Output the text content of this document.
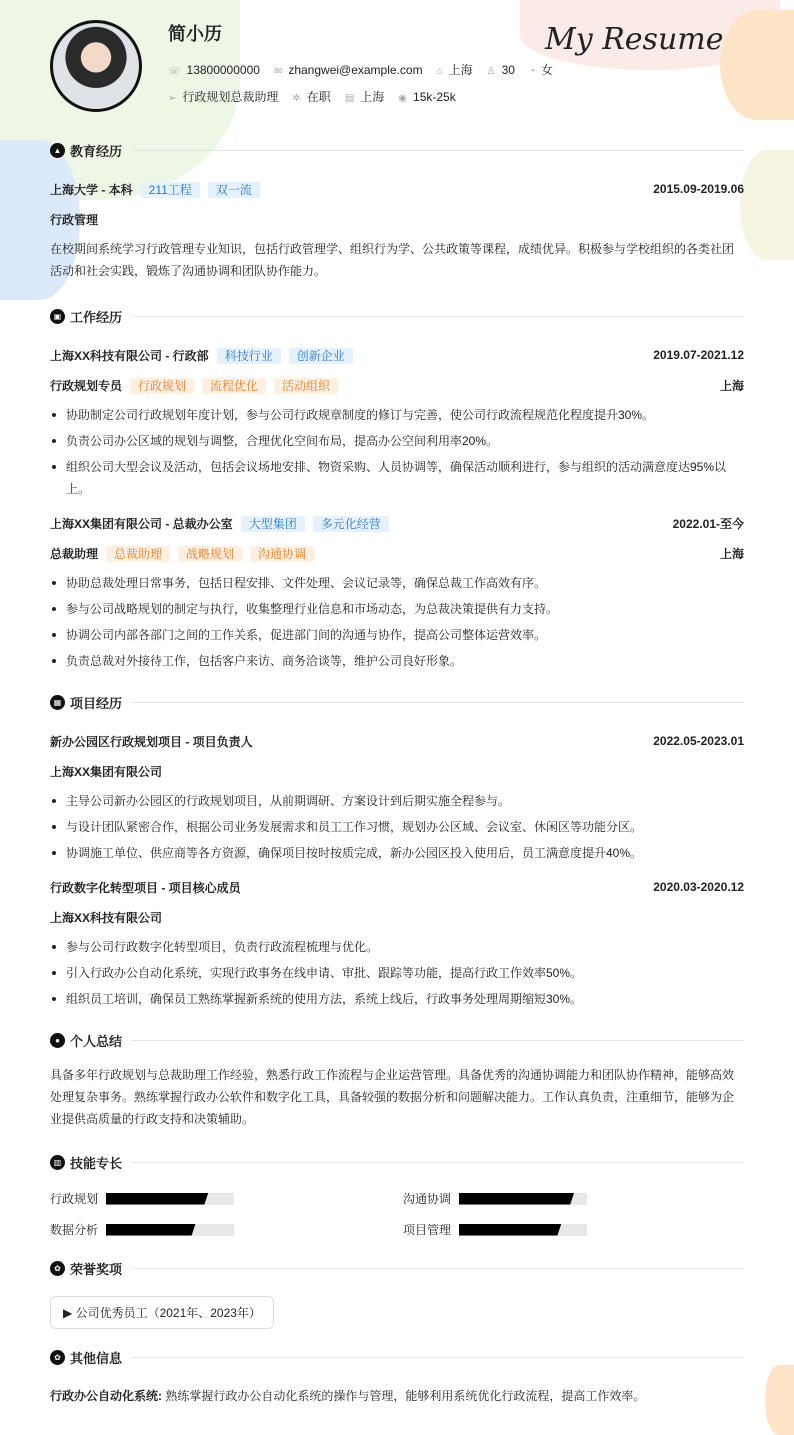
简小历	My Resume
☏ 13800000000 ✉ zhangwei@example.com ⌂ 上海 ♙ 30 ◔ 女
➢ 行政规划总裁助理 ✲ 在职 ▤ 上海 ◉ 15k-25k
▲ 教育经历
上海大学 - 本科 211工程 双一流	2015.09-2019.06
行政管理
在校期间系统学习行政管理专业知识，包括行政管理学、组织行为学、公共政策等课程，成绩优异。积极参与学校组织的各类社团活动和社会实践，锻炼了沟通协调和团队协作能力。
▣ 工作经历
上海XX科技有限公司 - 行政部 科技行业 创新企业	2019.07-2021.12
行政规划专员 行政规划 流程优化 活动组织	上海
协助制定公司行政规划年度计划，参与公司行政规章制度的修订与完善，使公司行政流程规范化程度提升30%。
负责公司办公区域的规划与调整，合理优化空间布局，提高办公空间利用率20%。
组织公司大型会议及活动，包括会议场地安排、物资采购、人员协调等，确保活动顺利进行，参与组织的活动满意度达95%以上。
上海XX集团有限公司 - 总裁办公室 大型集团 多元化经营	2022.01-至今
总裁助理 总裁助理 战略规划 沟通协调	上海
协助总裁处理日常事务，包括日程安排、文件处理、会议记录等，确保总裁工作高效有序。
参与公司战略规划的制定与执行，收集整理行业信息和市场动态，为总裁决策提供有力支持。
协调公司内部各部门之间的工作关系，促进部门间的沟通与协作，提高公司整体运营效率。
负责总裁对外接待工作，包括客户来访、商务洽谈等，维护公司良好形象。
▦ 项目经历
新办公园区行政规划项目 - 项目负责人	2022.05-2023.01
上海XX集团有限公司
主导公司新办公园区的行政规划项目，从前期调研、方案设计到后期实施全程参与。
与设计团队紧密合作，根据公司业务发展需求和员工工作习惯，规划办公区域、会议室、休闲区等功能分区。
协调施工单位、供应商等各方资源，确保项目按时按质完成，新办公园区投入使用后，员工满意度提升40%。
行政数字化转型项目 - 项目核心成员	2020.03-2020.12
上海XX科技有限公司
参与公司行政数字化转型项目，负责行政流程梳理与优化。
引入行政办公自动化系统，实现行政事务在线申请、审批、跟踪等功能，提高行政工作效率50%。
组织员工培训，确保员工熟练掌握新系统的使用方法，系统上线后，行政事务处理周期缩短30%。
● 个人总结
具备多年行政规划与总裁助理工作经验，熟悉行政工作流程与企业运营管理。具备优秀的沟通协调能力和团队协作精神，能够高效处理复杂事务。熟练掌握行政办公软件和数字化工具，具备较强的数据分析和问题解决能力。工作认真负责，注重细节，能够为企业提供高质量的行政支持和决策辅助。
▥ 技能专长
行政规划	沟通协调
数据分析	项目管理
✿ 荣誉奖项
▶ 公司优秀员工（2021年、2023年）
✿ 其他信息
行政办公自动化系统: 熟练掌握行政办公自动化系统的操作与管理，能够利用系统优化行政流程，提高工作效率。
